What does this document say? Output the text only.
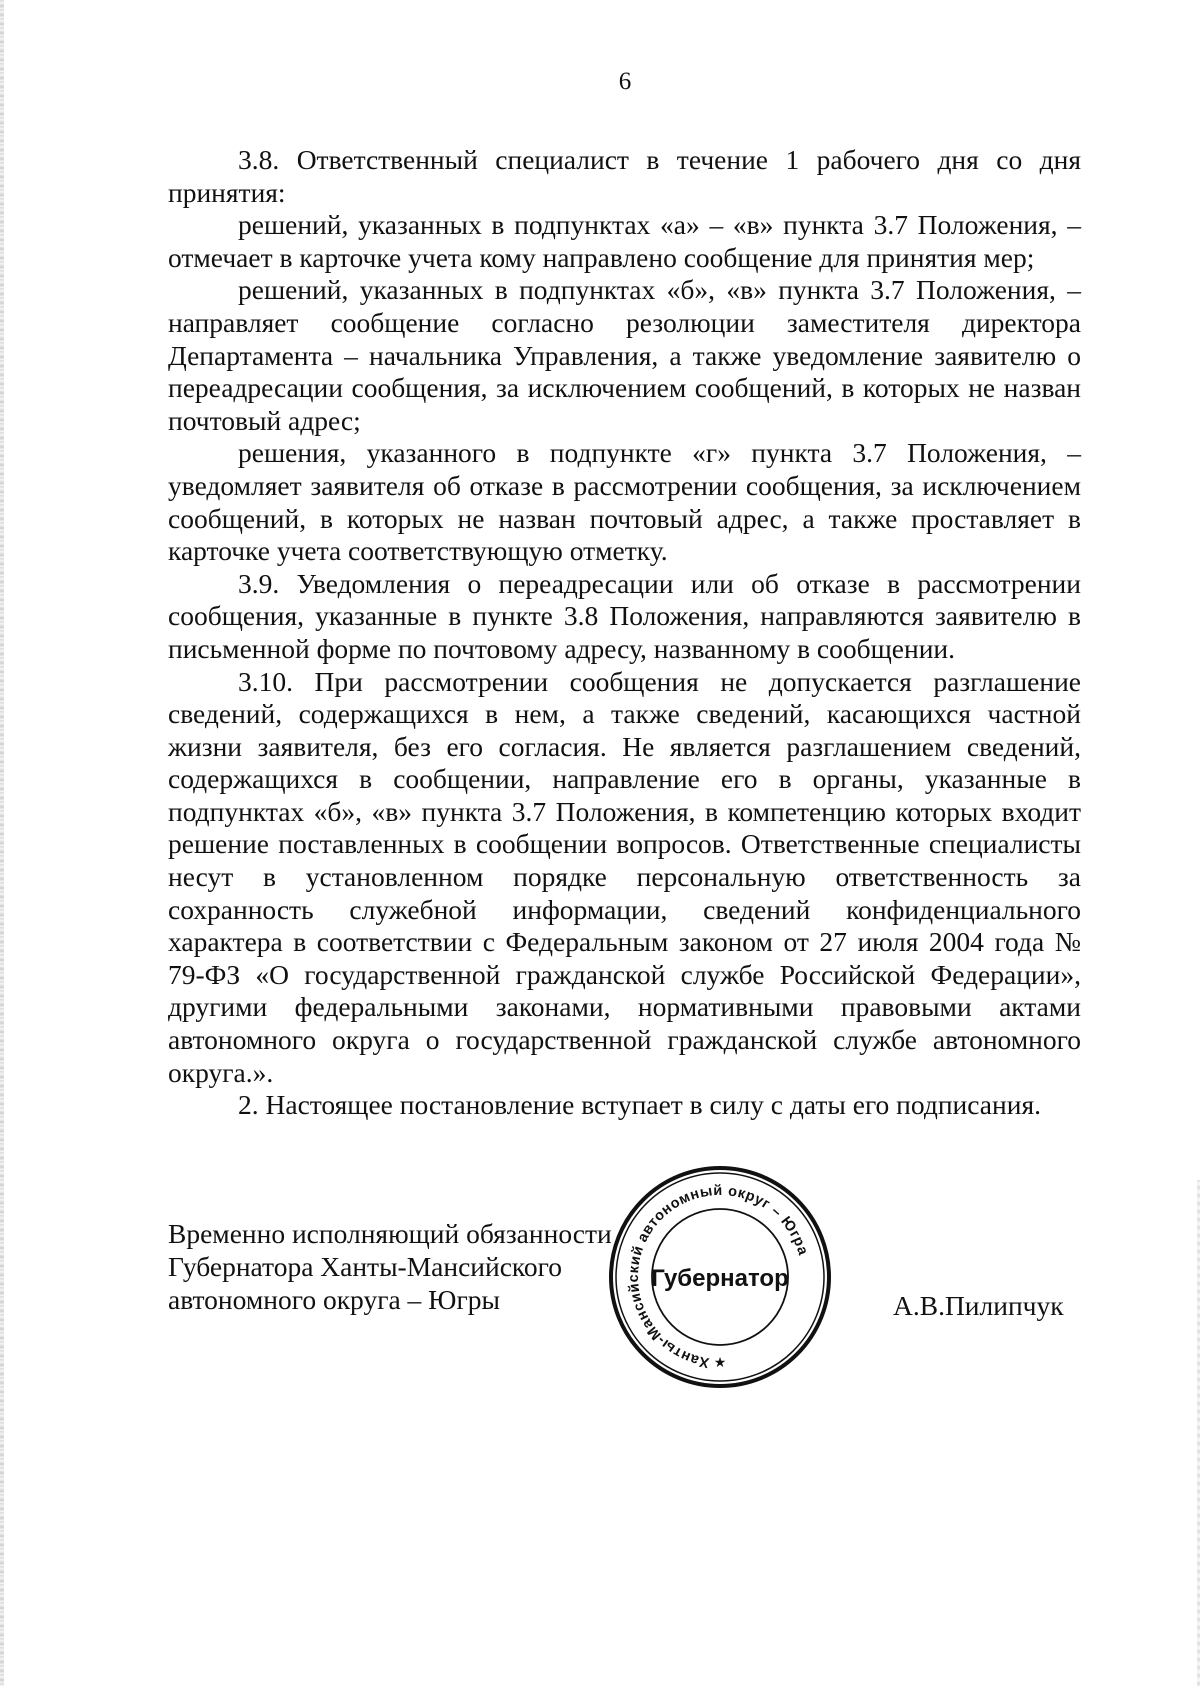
6

3.8. Ответственный специалист в течение 1 рабочего дня со дня принятия:

решений, указанных в подпунктах «а» – «в» пункта 3.7 Положения, – отмечает в карточке учета кому направлено сообщение для принятия мер;

решений, указанных в подпунктах «б», «в» пункта 3.7 Положения, – направляет сообщение согласно резолюции заместителя директора Департамента – начальника Управления, а также уведомление заявителю о переадресации сообщения, за исключением сообщений, в которых не назван почтовый адрес;

решения, указанного в подпункте «г» пункта 3.7 Положения, – уведомляет заявителя об отказе в рассмотрении сообщения, за исключением сообщений, в которых не назван почтовый адрес, а также проставляет в карточке учета соответствующую отметку.

3.9. Уведомления о переадресации или об отказе в рассмотрении сообщения, указанные в пункте 3.8 Положения, направляются заявителю в письменной форме по почтовому адресу, названному в сообщении.

3.10. При рассмотрении сообщения не допускается разглашение сведений, содержащихся в нем, а также сведений, касающихся частной жизни заявителя, без его согласия. Не является разглашением сведений, содержащихся в сообщении, направление его в органы, указанные в подпунктах «б», «в» пункта 3.7 Положения, в компетенцию которых входит решение поставленных в сообщении вопросов. Ответственные специалисты несут в установленном порядке персональную ответственность за сохранность служебной информации, сведений конфиденциального характера в соответствии с Федеральным законом от 27 июля 2004 года № 79-ФЗ «О государственной гражданской службе Российской Федерации», другими федеральными законами, нормативными правовыми актами автономного округа о государственной гражданской службе автономного округа.».

2. Настоящее постановление вступает в силу с даты его подписания.

Временно исполняющий обязанности
Губернатора Ханты-Мансийского
автономного округа – Югры
Ханты-Мансийский автономный округ – Югра
Губернатор
★
А.В.Пилипчук
